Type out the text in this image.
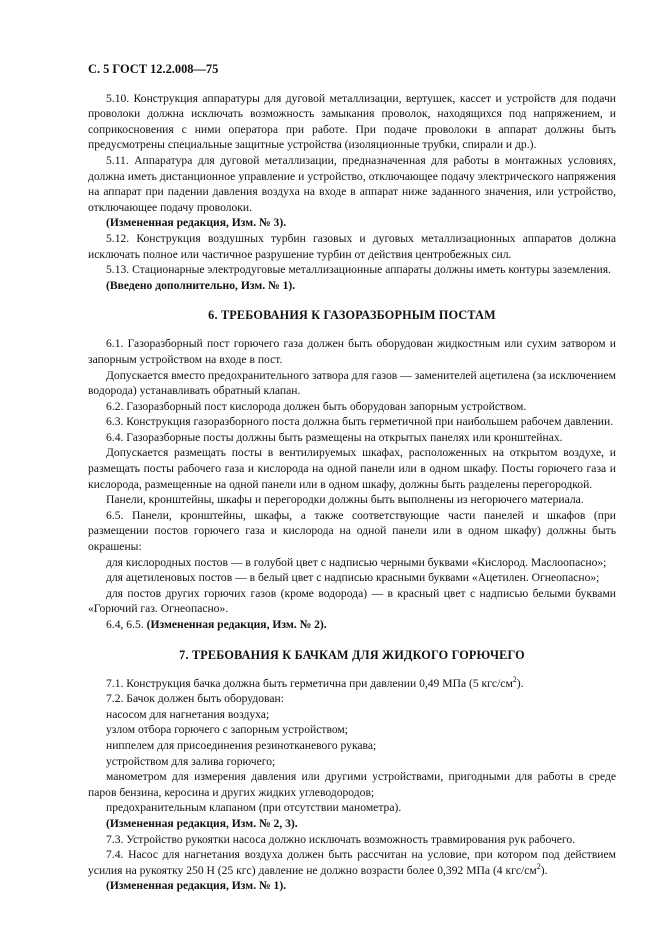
С. 5 ГОСТ 12.2.008—75

5.10. Конструкция аппаратуры для дуговой металлизации, вертушек, кассет и устройств для подачи проволоки должна исключать возможность замыкания проволок, находящихся под напряжением, и соприкосновения с ними оператора при работе. При подаче проволоки в аппарат должны быть предусмотрены специальные защитные устройства (изоляционные трубки, спирали и др.).

5.11. Аппаратура для дуговой металлизации, предназначенная для работы в монтажных условиях, должна иметь дистанционное управление и устройство, отключающее подачу электрического напряжения на аппарат при падении давления воздуха на входе в аппарат ниже заданного значения, или устройство, отключающее подачу проволоки.

(Измененная редакция, Изм. № 3).

5.12. Конструкция воздушных турбин газовых и дуговых металлизационных аппаратов должна исключать полное или частичное разрушение турбин от действия центробежных сил.

5.13. Стационарные электродуговые металлизационные аппараты должны иметь контуры заземления.

(Введено дополнительно, Изм. № 1).

6. ТРЕБОВАНИЯ К ГАЗОРАЗБОРНЫМ ПОСТАМ

6.1. Газоразборный пост горючего газа должен быть оборудован жидкостным или сухим затвором и запорным устройством на входе в пост.

Допускается вместо предохранительного затвора для газов — заменителей ацетилена (за исключением водорода) устанавливать обратный клапан.

6.2. Газоразборный пост кислорода должен быть оборудован запорным устройством.

6.3. Конструкция газоразборного поста должна быть герметичной при наибольшем рабочем давлении.

6.4. Газоразборные посты должны быть размещены на открытых панелях или кронштейнах.

Допускается размещать посты в вентилируемых шкафах, расположенных на открытом воздухе, и размещать посты рабочего газа и кислорода на одной панели или в одном шкафу. Посты горючего газа и кислорода, размещенные на одной панели или в одном шкафу, должны быть разделены перегородкой.

Панели, кронштейны, шкафы и перегородки должны быть выполнены из негорючего материала.

6.5. Панели, кронштейны, шкафы, а также соответствующие части панелей и шкафов (при размещении постов горючего газа и кислорода на одной панели или в одном шкафу) должны быть окрашены:

для кислородных постов — в голубой цвет с надписью черными буквами «Кислород. Маслоопасно»;

для ацетиленовых постов — в белый цвет с надписью красными буквами «Ацетилен. Огнеопасно»;

для постов других горючих газов (кроме водорода) — в красный цвет с надписью белыми буквами «Горючий газ. Огнеопасно».

6.4, 6.5. (Измененная редакция, Изм. № 2).

7. ТРЕБОВАНИЯ К БАЧКАМ ДЛЯ ЖИДКОГО ГОРЮЧЕГО

7.1. Конструкция бачка должна быть герметична при давлении 0,49 МПа (5 кгс/$см^2$).

7.2. Бачок должен быть оборудован:

насосом для нагнетания воздуха;

узлом отбора горючего с запорным устройством;

ниппелем для присоединения резинотканевого рукава;

устройством для залива горючего;

манометром для измерения давления или другими устройствами, пригодными для работы в среде паров бензина, керосина и других жидких углеводородов;

предохранительным клапаном (при отсутствии манометра).

(Измененная редакция, Изм. № 2, 3).

7.3. Устройство рукоятки насоса должно исключать возможность травмирования рук рабочего.

7.4. Насос для нагнетания воздуха должен быть рассчитан на условие, при котором под действием усилия на рукоятку 250 Н (25 кгс) давление не должно возрасти более 0,392 МПа (4 кгс/$см^2$).

(Измененная редакция, Изм. № 1).
